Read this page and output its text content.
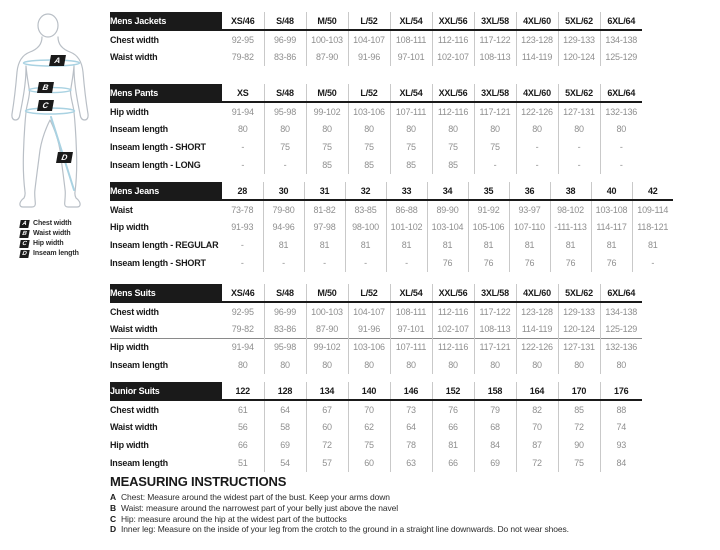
A
B
C
D
A Chest width
B Waist width
C Hip width
D Inseam length
Mens Jackets	XS/46	S/48	M/50	L/52	XL/54	XXL/56	3XL/58	4XL/60	5XL/62	6XL/64
Chest width	92-95	96-99	100-103	104-107	108-111	112-116	117-122	123-128	129-133	134-138
Waist width	79-82	83-86	87-90	91-96	97-101	102-107	108-113	114-119	120-124	125-129
Mens Pants	XS	S/48	M/50	L/52	XL/54	XXL/56	3XL/58	4XL/60	5XL/62	6XL/64
Hip width	91-94	95-98	99-102	103-106	107-111	112-116	117-121	122-126	127-131	132-136
Inseam length	80	80	80	80	80	80	80	80	80	80
Inseam length - SHORT	-	75	75	75	75	75	75	-	-	-
Inseam length - LONG	-	-	85	85	85	85	-	-	-	-
Mens Jeans	28	30	31	32	33	34	35	36	38	40	42
Waist	73-78	79-80	81-82	83-85	86-88	89-90	91-92	93-97	98-102	103-108	109-114
Hip width	91-93	94-96	97-98	98-100	101-102	103-104	105-106	107-110	-111-113	114-117	118-121
Inseam length - REGULAR	-	81	81	81	81	81	81	81	81	81	81
Inseam length - SHORT	-	-	-	-	-	76	76	76	76	76	-
Mens Suits	XS/46	S/48	M/50	L/52	XL/54	XXL/56	3XL/58	4XL/60	5XL/62	6XL/64
Chest width	92-95	96-99	100-103	104-107	108-111	112-116	117-122	123-128	129-133	134-138
Waist width	79-82	83-86	87-90	91-96	97-101	102-107	108-113	114-119	120-124	125-129
Hip width	91-94	95-98	99-102	103-106	107-111	112-116	117-121	122-126	127-131	132-136
Inseam length	80	80	80	80	80	80	80	80	80	80
Junior Suits	122	128	134	140	146	152	158	164	170	176
Chest width	61	64	67	70	73	76	79	82	85	88
Waist width	56	58	60	62	64	66	68	70	72	74
Hip width	66	69	72	75	78	81	84	87	90	93
Inseam length	51	54	57	60	63	66	69	72	75	84
MEASURING INSTRUCTIONS
A Chest: Measure around the widest part of the bust. Keep your arms down
B Waist: measure around the narrowest part of your belly just above the navel
C Hip: measure around the hip at the widest part of the buttocks
D Inner leg: Measure on the inside of your leg from the crotch to the ground in a straight line downwards. Do not wear shoes.
